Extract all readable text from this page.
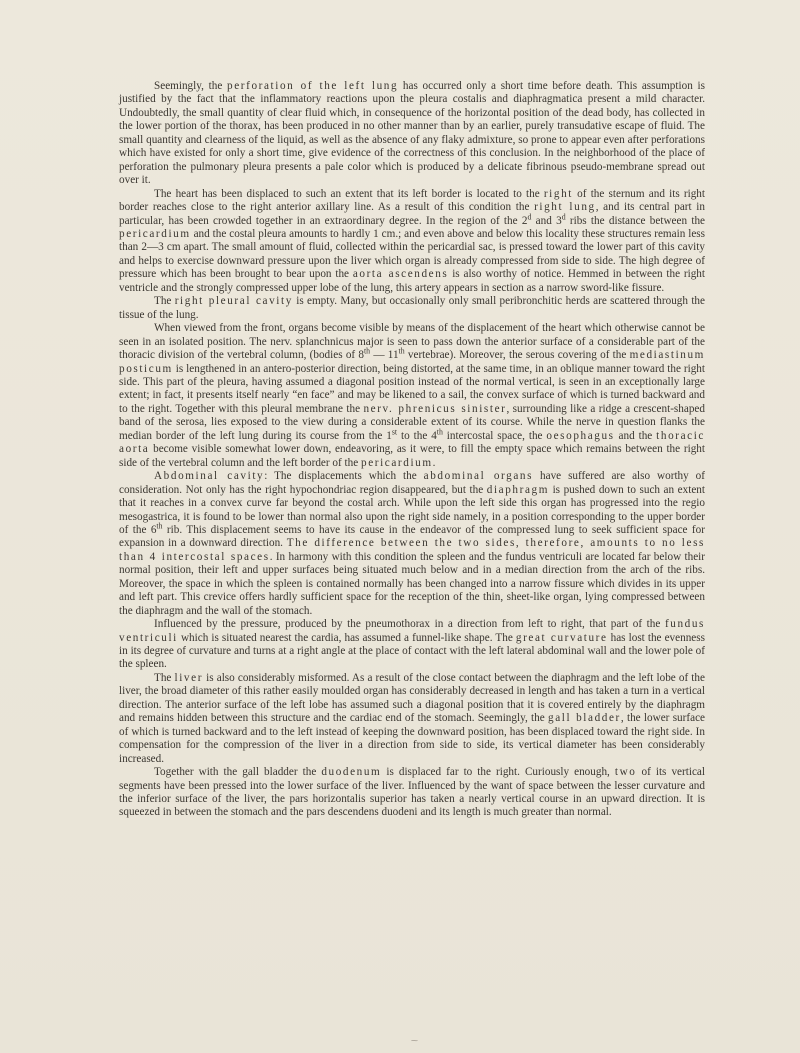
Seemingly, the perforation of the left lung has occurred only a short time before death. This assumption is justified by the fact that the inflammatory reactions upon the pleura costalis and diaphragmatica present a mild character. Undoubtedly, the small quantity of clear fluid which, in consequence of the horizontal position of the dead body, has collected in the lower portion of the thorax, has been produced in no other manner than by an earlier, purely transudative escape of fluid. The small quantity and clearness of the liquid, as well as the absence of any flaky admixture, so prone to appear even after perforations which have existed for only a short time, give evidence of the correctness of this conclusion. In the neighborhood of the place of perforation the pulmonary pleura presents a pale color which is produced by a delicate fibrinous pseudo-membrane spread out over it.

The heart has been displaced to such an extent that its left border is located to the right of the sternum and its right border reaches close to the right anterior axillary line. As a result of this condition the right lung, and its central part in particular, has been crowded together in an extraordinary degree. In the region of the 2$^d$ and 3$^d$ ribs the distance between the pericardium and the costal pleura amounts to hardly 1 cm.; and even above and below this locality these structures remain less than 2—3 cm apart. The small amount of fluid, collected within the pericardial sac, is pressed toward the lower part of this cavity and helps to exercise downward pressure upon the liver which organ is already compressed from side to side. The high degree of pressure which has been brought to bear upon the aorta ascendens is also worthy of notice. Hemmed in between the right ventricle and the strongly compressed upper lobe of the lung, this artery appears in section as a narrow sword-like fissure.

The right pleural cavity is empty. Many, but occasionally only small peribronchitic herds are scattered through the tissue of the lung.

When viewed from the front, organs become visible by means of the displacement of the heart which otherwise cannot be seen in an isolated position. The nerv. splanchnicus major is seen to pass down the anterior surface of a considerable part of the thoracic division of the vertebral column, (bodies of 8th — 11th vertebrae). Moreover, the serous covering of the mediastinum posticum is lengthened in an antero-posterior direction, being distorted, at the same time, in an oblique manner toward the right side. This part of the pleura, having assumed a diagonal position instead of the normal vertical, is seen in an exceptionally large extent; in fact, it presents itself nearly “en face” and may be likened to a sail, the convex surface of which is turned backward and to the right. Together with this pleural membrane the nerv. phrenicus sinister, surrounding like a ridge a crescent-shaped band of the serosa, lies exposed to the view during a considerable extent of its course. While the nerve in question flanks the median border of the left lung during its course from the 1st to the 4th intercostal space, the oesophagus and the thoracic aorta become visible somewhat lower down, endeavoring, as it were, to fill the empty space which remains between the right side of the vertebral column and the left border of the pericardium.

Abdominal cavity: The displacements which the abdominal organs have suffered are also worthy of consideration. Not only has the right hypochondriac region disappeared, but the diaphragm is pushed down to such an extent that it reaches in a convex curve far beyond the costal arch. While upon the left side this organ has progressed into the regio mesogastrica, it is found to be lower than normal also upon the right side namely, in a position corresponding to the upper border of the 6th rib. This displacement seems to have its cause in the endeavor of the compressed lung to seek sufficient space for expansion in a downward direction. The difference between the two sides, therefore, amounts to no less than 4 intercostal spaces. In harmony with this condition the spleen and the fundus ventriculi are located far below their normal position, their left and upper surfaces being situated much below and in a median direction from the arch of the ribs. Moreover, the space in which the spleen is contained normally has been changed into a narrow fissure which divides in its upper and left part. This crevice offers hardly sufficient space for the reception of the thin, sheet-like organ, lying compressed between the diaphragm and the wall of the stomach.

Influenced by the pressure, produced by the pneumothorax in a direction from left to right, that part of the fundus ventriculi which is situated nearest the cardia, has assumed a funnel-like shape. The great curvature has lost the evenness in its degree of curvature and turns at a right angle at the place of contact with the left lateral abdominal wall and the lower pole of the spleen.

The liver is also considerably misformed. As a result of the close contact between the diaphragm and the left lobe of the liver, the broad diameter of this rather easily moulded organ has considerably decreased in length and has taken a turn in a vertical direction. The anterior surface of the left lobe has assumed such a diagonal position that it is covered entirely by the diaphragm and remains hidden between this structure and the cardiac end of the stomach. Seemingly, the gall bladder, the lower surface of which is turned backward and to the left instead of keeping the downward position, has been displaced toward the right side. In compensation for the compression of the liver in a direction from side to side, its vertical diameter has been considerably increased.

Together with the gall bladder the duodenum is displaced far to the right. Curiously enough, two of its vertical segments have been pressed into the lower surface of the liver. Influenced by the want of space between the lesser curvature and the inferior surface of the liver, the pars horizontalis superior has taken a nearly vertical course in an upward direction. It is squeezed in between the stomach and the pars descendens duodeni and its length is much greater than normal.

⁓
